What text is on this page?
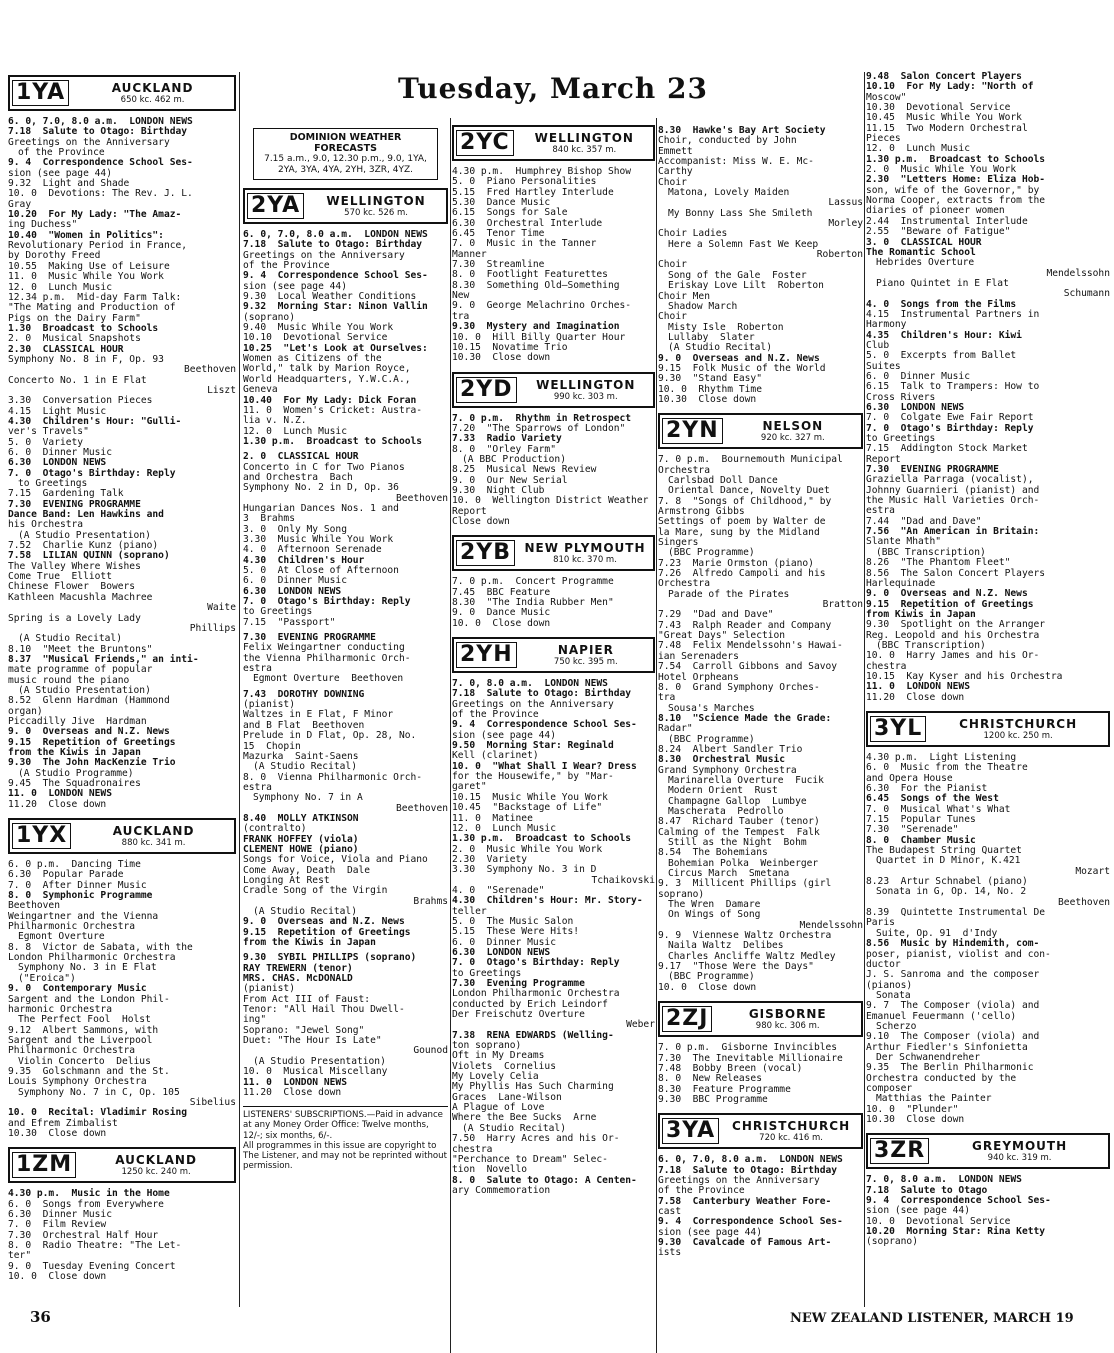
Tuesday, March 23
1YA	AUCKLAND
650 kc. 462 m.
6. 0, 7.0, 8.0 a.m.  LONDON NEWS
7.18  Salute to Otago: Birthday
Greetings on the Anniversary
of the Province
9. 4  Correspondence School Ses-
sion (see page 44)
9.32  Light and Shade
10. 0  Devotions: The Rev. J. L.
Gray
10.20  For My Lady: "The Amaz-
ing Duchess"
10.40  "Women in Politics":
Revolutionary Period in France,
by Dorothy Freed
10.55  Making Use of Leisure
11. 0  Music While You Work
12. 0  Lunch Music
12.34 p.m.  Mid-day Farm Talk:
"The Mating and Production of
Pigs on the Dairy Farm"
1.30  Broadcast to Schools
2. 0  Musical Snapshots
2.30  CLASSICAL HOUR
Symphony No. 8 in F, Op. 93
Beethoven
Concerto No. 1 in E Flat
Liszt
3.30  Conversation Pieces
4.15  Light Music
4.30  Children's Hour: "Gulli-
ver's Travels"
5. 0  Variety
6. 0  Dinner Music
6.30  LONDON NEWS
7. 0  Otago's Birthday: Reply
to Greetings
7.15  Gardening Talk
7.30  EVENING PROGRAMME
Dance Band: Len Hawkins and
his Orchestra
(A Studio Presentation)
7.52  Charlie Kunz (piano)
7.58  LILIAN QUINN (soprano)
The Valley Where Wishes
Come True  Elliott
Chinese Flower  Bowers
Kathleen Macushla Machree
Waite
Spring is a Lovely Lady
Phillips
(A Studio Recital)
8.10  "Meet the Bruntons"
8.37  "Musical Friends," an inti-
mate programme of popular
music round the piano
(A Studio Presentation)
8.52  Glenn Hardman (Hammond
organ)
Piccadilly Jive  Hardman
9. 0  Overseas and N.Z. News
9.15  Repetition of Greetings
from the Kiwis in Japan
9.30  The John MacKenzie Trio
(A Studio Programme)
9.45  The Squadronaires
11. 0  LONDON NEWS
11.20  Close down
1YX	AUCKLAND
880 kc. 341 m.
6. 0 p.m.  Dancing Time
6.30  Popular Parade
7. 0  After Dinner Music
8. 0  Symphonic Programme
Beethoven
Weingartner and the Vienna
Philharmonic Orchestra
Egmont Overture
8. 8  Victor de Sabata, with the
London Philharmonic Orchestra
Symphony No. 3 in E Flat
("Eroica")
9. 0  Contemporary Music
Sargent and the London Phil-
harmonic Orchestra
The Perfect Fool  Holst
9.12  Albert Sammons, with
Sargent and the Liverpool
Philharmonic Orchestra
Violin Concerto  Delius
9.35  Golschmann and the St.
Louis Symphony Orchestra
Symphony No. 7 in C, Op. 105
Sibelius
10. 0  Recital: Vladimir Rosing
and Efrem Zimbalist
10.30  Close down
1ZM	AUCKLAND
1250 kc. 240 m.
4.30 p.m.  Music in the Home
6. 0  Songs from Everywhere
6.30  Dinner Music
7. 0  Film Review
7.30  Orchestral Half Hour
8. 0  Radio Theatre: "The Let-
ter"
9. 0  Tuesday Evening Concert
10. 0  Close down
DOMINION WEATHER FORECASTS
7.15 a.m., 9.0, 12.30 p.m., 9.0, 1YA, 2YA, 3YA, 4YA, 2YH, 3ZR, 4YZ.
2YA	WELLINGTON
570 kc. 526 m.
6. 0, 7.0, 8.0 a.m.  LONDON NEWS
7.18  Salute to Otago: Birthday
Greetings on the Anniversary
of the Province
9. 4  Correspondence School Ses-
sion (see page 44)
9.30  Local Weather Conditions
9.32  Morning Star: Ninon Vallin
(soprano)
9.40  Music While You Work
10.10  Devotional Service
10.25  "Let's Look at Ourselves:
Women as Citizens of the
World," talk by Marion Royce,
World Headquarters, Y.W.C.A.,
Geneva
10.40  For My Lady: Dick Foran
11. 0  Women's Cricket: Austra-
lia v. N.Z.
12. 0  Lunch Music
1.30 p.m.  Broadcast to Schools
2. 0  CLASSICAL HOUR
Concerto in C for Two Pianos
and Orchestra  Bach
Symphony No. 2 in D, Op. 36
Beethoven
Hungarian Dances Nos. 1 and
3  Brahms
3. 0  Only My Song
3.30  Music While You Work
4. 0  Afternoon Serenade
4.30  Children's Hour
5. 0  At Close of Afternoon
6. 0  Dinner Music
6.30  LONDON NEWS
7. 0  Otago's Birthday: Reply
to Greetings
7.15  "Passport"
7.30  EVENING PROGRAMME
Felix Weingartner conducting
the Vienna Philharmonic Orch-
estra
Egmont Overture  Beethoven
7.43  DOROTHY DOWNING
(pianist)
Waltzes in E Flat, F Minor
and B Flat  Beethoven
Prelude in D Flat, Op. 28, No.
15  Chopin
Mazurka  Saint-Saens
(A Studio Recital)
8. 0  Vienna Philharmonic Orch-
estra
Symphony No. 7 in A
Beethoven
8.40  MOLLY ATKINSON
(contralto)
FRANK HOFFEY (viola)
CLEMENT HOWE (piano)
Songs for Voice, Viola and Piano
Come Away, Death  Dale
Longing At Rest
Cradle Song of the Virgin
Brahms
(A Studio Recital)
9. 0  Overseas and N.Z. News
9.15  Repetition of Greetings
from the Kiwis in Japan
9.30  SYBIL PHILLIPS (soprano)
RAY TREWERN (tenor)
MRS. CHAS. McDONALD
(pianist)
From Act III of Faust:
Tenor: "All Hail Thou Dwell-
ing"
Soprano: "Jewel Song"
Duet: "The Hour Is Late"
Gounod
(A Studio Presentation)
10. 0  Musical Miscellany
11. 0  LONDON NEWS
11.20  Close down
LISTENERS' SUBSCRIPTIONS.—Paid in advance at any Money Order Office: Twelve months, 12/-; six months, 6/-.
All programmes in this issue are copyright to The Listener, and may not be reprinted without permission.
2YC	WELLINGTON
840 kc. 357 m.
4.30 p.m.  Humphrey Bishop Show
5. 0  Piano Personalities
5.15  Fred Hartley Interlude
5.30  Dance Music
6.15  Songs for Sale
6.30  Orchestral Interlude
6.45  Tenor Time
7. 0  Music in the Tanner
Manner
7.30  Streamline
8. 0  Footlight Featurettes
8.30  Something Old—Something
New
9. 0  George Melachrino Orches-
tra
9.30  Mystery and Imagination
10. 0  Hill Billy Quarter Hour
10.15  Novatime Trio
10.30  Close down
2YD	WELLINGTON
990 kc. 303 m.
7. 0 p.m.  Rhythm in Retrospect
7.20  "The Sparrows of London"
7.33  Radio Variety
8. 0  "Orley Farm"
(A BBC Production)
8.25  Musical News Review
9. 0  Our New Serial
9.30  Night Club
10. 0  Wellington District Weather
Report
Close down
2YB	NEW PLYMOUTH
810 kc. 370 m.
7. 0 p.m.  Concert Programme
7.45  BBC Feature
8.30  "The India Rubber Men"
9. 0  Dance Music
10. 0  Close down
2YH	NAPIER
750 kc. 395 m.
7. 0, 8.0 a.m.  LONDON NEWS
7.18  Salute to Otago: Birthday
Greetings on the Anniversary
of the Province
9. 4  Correspondence School Ses-
sion (see page 44)
9.50  Morning Star: Reginald
Kell (clarinet)
10. 0  "What Shall I Wear? Dress
for the Housewife," by "Mar-
garet"
10.15  Music While You Work
10.45  "Backstage of Life"
11. 0  Matinee
12. 0  Lunch Music
1.30 p.m.  Broadcast to Schools
2. 0  Music While You Work
2.30  Variety
3.30  Symphony No. 3 in D
Tchaikovski
4. 0  "Serenade"
4.30  Children's Hour: Mr. Story-
teller
5. 0  The Music Salon
5.15  These Were Hits!
6. 0  Dinner Music
6.30  LONDON NEWS
7. 0  Otago's Birthday: Reply
to Greetings
7.30  Evening Programme
London Philharmonic Orchestra
conducted by Erich Leindorf
Der Freischutz Overture
Weber
7.38  RENA EDWARDS (Welling-
ton soprano)
Oft in My Dreams
Violets  Cornelius
My Lovely Celia
My Phyllis Has Such Charming
Graces  Lane-Wilson
A Plague of Love
Where the Bee Sucks  Arne
(A Studio Recital)
7.50  Harry Acres and his Or-
chestra
"Perchance to Dream" Selec-
tion  Novello
8. 0  Salute to Otago: A Centen-
ary Commemoration
8.30  Hawke's Bay Art Society
Choir, conducted by John
Emmett
Accompanist: Miss W. E. Mc-
Carthy
Choir
Matona, Lovely Maiden
Lassus
My Bonny Lass She Smileth
Morley
Choir Ladies
Here a Solemn Fast We Keep
Roberton
Choir
Song of the Gale  Foster
Eriskay Love Lilt  Roberton
Choir Men
Shadow March
Choir
Misty Isle  Roberton
Lullaby  Slater
(A Studio Recital)
9. 0  Overseas and N.Z. News
9.15  Folk Music of the World
9.30  "Stand Easy"
10. 0  Rhythm Time
10.30  Close down
2YN	NELSON
920 kc. 327 m.
7. 0 p.m.  Bournemouth Municipal
Orchestra
Carlsbad Doll Dance
Oriental Dance, Novelty Duet
7. 8  "Songs of Childhood," by
Armstrong Gibbs
Settings of poem by Walter de
la Mare, sung by the Midland
Singers
(BBC Programme)
7.23  Marie Ormston (piano)
7.26  Alfredo Campoli and his
Orchestra
Parade of the Pirates
Bratton
7.29  "Dad and Dave"
7.43  Ralph Reader and Company
"Great Days" Selection
7.48  Felix Mendelssohn's Hawai-
ian Serenaders
7.54  Carroll Gibbons and Savoy
Hotel Orpheans
8. 0  Grand Symphony Orches-
tra
Sousa's Marches
8.10  "Science Made the Grade:
Radar"
(BBC Programme)
8.24  Albert Sandler Trio
8.30  Orchestral Music
Grand Symphony Orchestra
Marinarella Overture  Fucik
Modern Orient  Rust
Champagne Gallop  Lumbye
Mascherata  Pedrollo
8.47  Richard Tauber (tenor)
Calming of the Tempest  Falk
Still as the Night  Bohm
8.54  The Bohemians
Bohemian Polka  Weinberger
Circus March  Smetana
9. 3  Millicent Phillips (girl
soprano)
The Wren  Damare
On Wings of Song
Mendelssohn
9. 9  Viennese Waltz Orchestra
Naila Waltz  Delibes
Charles Ancliffe Waltz Medley
9.17  "Those Were the Days"
(BBC Programme)
10. 0  Close down
2ZJ	GISBORNE
980 kc. 306 m.
7. 0 p.m.  Gisborne Invincibles
7.30  The Inevitable Millionaire
7.48  Bobby Breen (vocal)
8. 0  New Releases
8.30  Feature Programme
9.30  BBC Programme
3YA	CHRISTCHURCH
720 kc. 416 m.
6. 0, 7.0, 8.0 a.m.  LONDON NEWS
7.18  Salute to Otago: Birthday
Greetings on the Anniversary
of the Province
7.58  Canterbury Weather Fore-
cast
9. 4  Correspondence School Ses-
sion (see page 44)
9.30  Cavalcade of Famous Art-
ists
9.48  Salon Concert Players
10.10  For My Lady: "North of
Moscow"
10.30  Devotional Service
10.45  Music While You Work
11.15  Two Modern Orchestral
Pieces
12. 0  Lunch Music
1.30 p.m.  Broadcast to Schools
2. 0  Music While You Work
2.30  "Letters Home: Eliza Hob-
son, wife of the Governor," by
Norma Cooper, extracts from the
diaries of pioneer women
2.44  Instrumental Interlude
2.55  "Beware of Fatigue"
3. 0  CLASSICAL HOUR
The Romantic School
Hebrides Overture
Mendelssohn
Piano Quintet in E Flat
Schumann
4. 0  Songs from the Films
4.15  Instrumental Partners in
Harmony
4.35  Children's Hour: Kiwi
Club
5. 0  Excerpts from Ballet
Suites
6. 0  Dinner Music
6.15  Talk to Trampers: How to
Cross Rivers
6.30  LONDON NEWS
7. 0  Colgate Ewe Fair Report
7. 0  Otago's Birthday: Reply
to Greetings
7.15  Addington Stock Market
Report
7.30  EVENING PROGRAMME
Graziella Parraga (vocalist),
Johnny Guarnieri (pianist) and
the Music Hall Varieties Orch-
estra
7.44  "Dad and Dave"
7.56  "An American in Britain:
Slante Mhath"
(BBC Transcription)
8.26  "The Phantom Fleet"
8.56  The Salon Concert Players
Harlequinade
9. 0  Overseas and N.Z. News
9.15  Repetition of Greetings
from Kiwis in Japan
9.30  Spotlight on the Arranger
Reg. Leopold and his Orchestra
(BBC Transcription)
10. 0  Harry James and his Or-
chestra
10.15  Kay Kyser and his Orchestra
11. 0  LONDON NEWS
11.20  Close down
3YL	CHRISTCHURCH
1200 kc. 250 m.
4.30 p.m.  Light Listening
6. 0  Music from the Theatre
and Opera House
6.30  For the Pianist
6.45  Songs of the West
7. 0  Musical What's What
7.15  Popular Tunes
7.30  "Serenade"
8. 0  Chamber Music
The Budapest String Quartet
Quartet in D Minor, K.421
Mozart
8.23  Artur Schnabel (piano)
Sonata in G, Op. 14, No. 2
Beethoven
8.39  Quintette Instrumental De
Paris
Suite, Op. 91  d'Indy
8.56  Music by Hindemith, com-
poser, pianist, violist and con-
ductor
J. S. Sanroma and the composer
(pianos)
Sonata
9. 7  The Composer (viola) and
Emanuel Feuermann ('cello)
Scherzo
9.10  The Composer (viola) and
Arthur Fiedler's Sinfonietta
Der Schwanendreher
9.35  The Berlin Philharmonic
Orchestra conducted by the
composer
Matthias the Painter
10. 0  "Plunder"
10.30  Close down
3ZR	GREYMOUTH
940 kc. 319 m.
7. 0, 8.0 a.m.  LONDON NEWS
7.18  Salute to Otago
9. 4  Correspondence School Ses-
sion (see page 44)
10. 0  Devotional Service
10.20  Morning Star: Rina Ketty
(soprano)
36	NEW ZEALAND LISTENER, MARCH 19
